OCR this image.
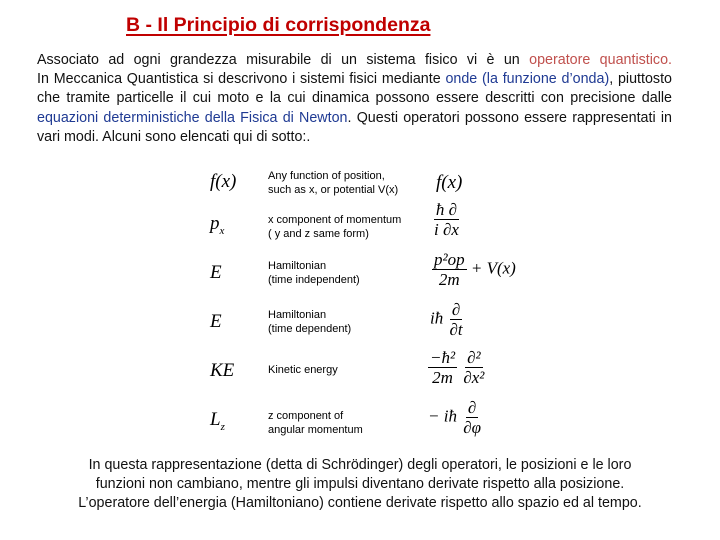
B - Il Principio di corrispondenza
Associato ad ogni grandezza misurabile di un sistema fisico vi è un operatore quantistico.
In Meccanica Quantistica si descrivono i sistemi fisici mediante onde (la funzione d’onda), piuttosto che tramite particelle il cui moto e la cui dinamica possono essere descritti con precisione dalle equazioni deterministiche della Fisica di Newton. Questi operatori possono essere rappresentati in vari modi. Alcuni sono elencati qui di sotto:.
f(x)
$p_x$
E
E
KE
$L_z$
Any function of position,
such as x, or potential V(x)
x component of momentum
( y and z same form)
Hamiltonian
(time independent)
Hamiltonian
(time dependent)
Kinetic energy
z component of
angular momentum
f(x)
$\frac{ħ \partial}{i \partial x}$
$\frac{\text{p²op}}{2m} + V(x)$
iħ $\frac{\partial}{\partial t}$
$\frac{\text{−ħ²}}{2m}$
$\frac{\text{∂²}}{\text{∂x²}}$
− iħ $\frac{\partial}{\partial\varphi}$
In questa rappresentazione (detta di Schrödinger) degli operatori, le posizioni e le loro
funzioni non cambiano, mentre gli impulsi diventano derivate rispetto alla posizione.
L’operatore dell’energia (Hamiltoniano) contiene derivate rispetto allo spazio ed al tempo.
